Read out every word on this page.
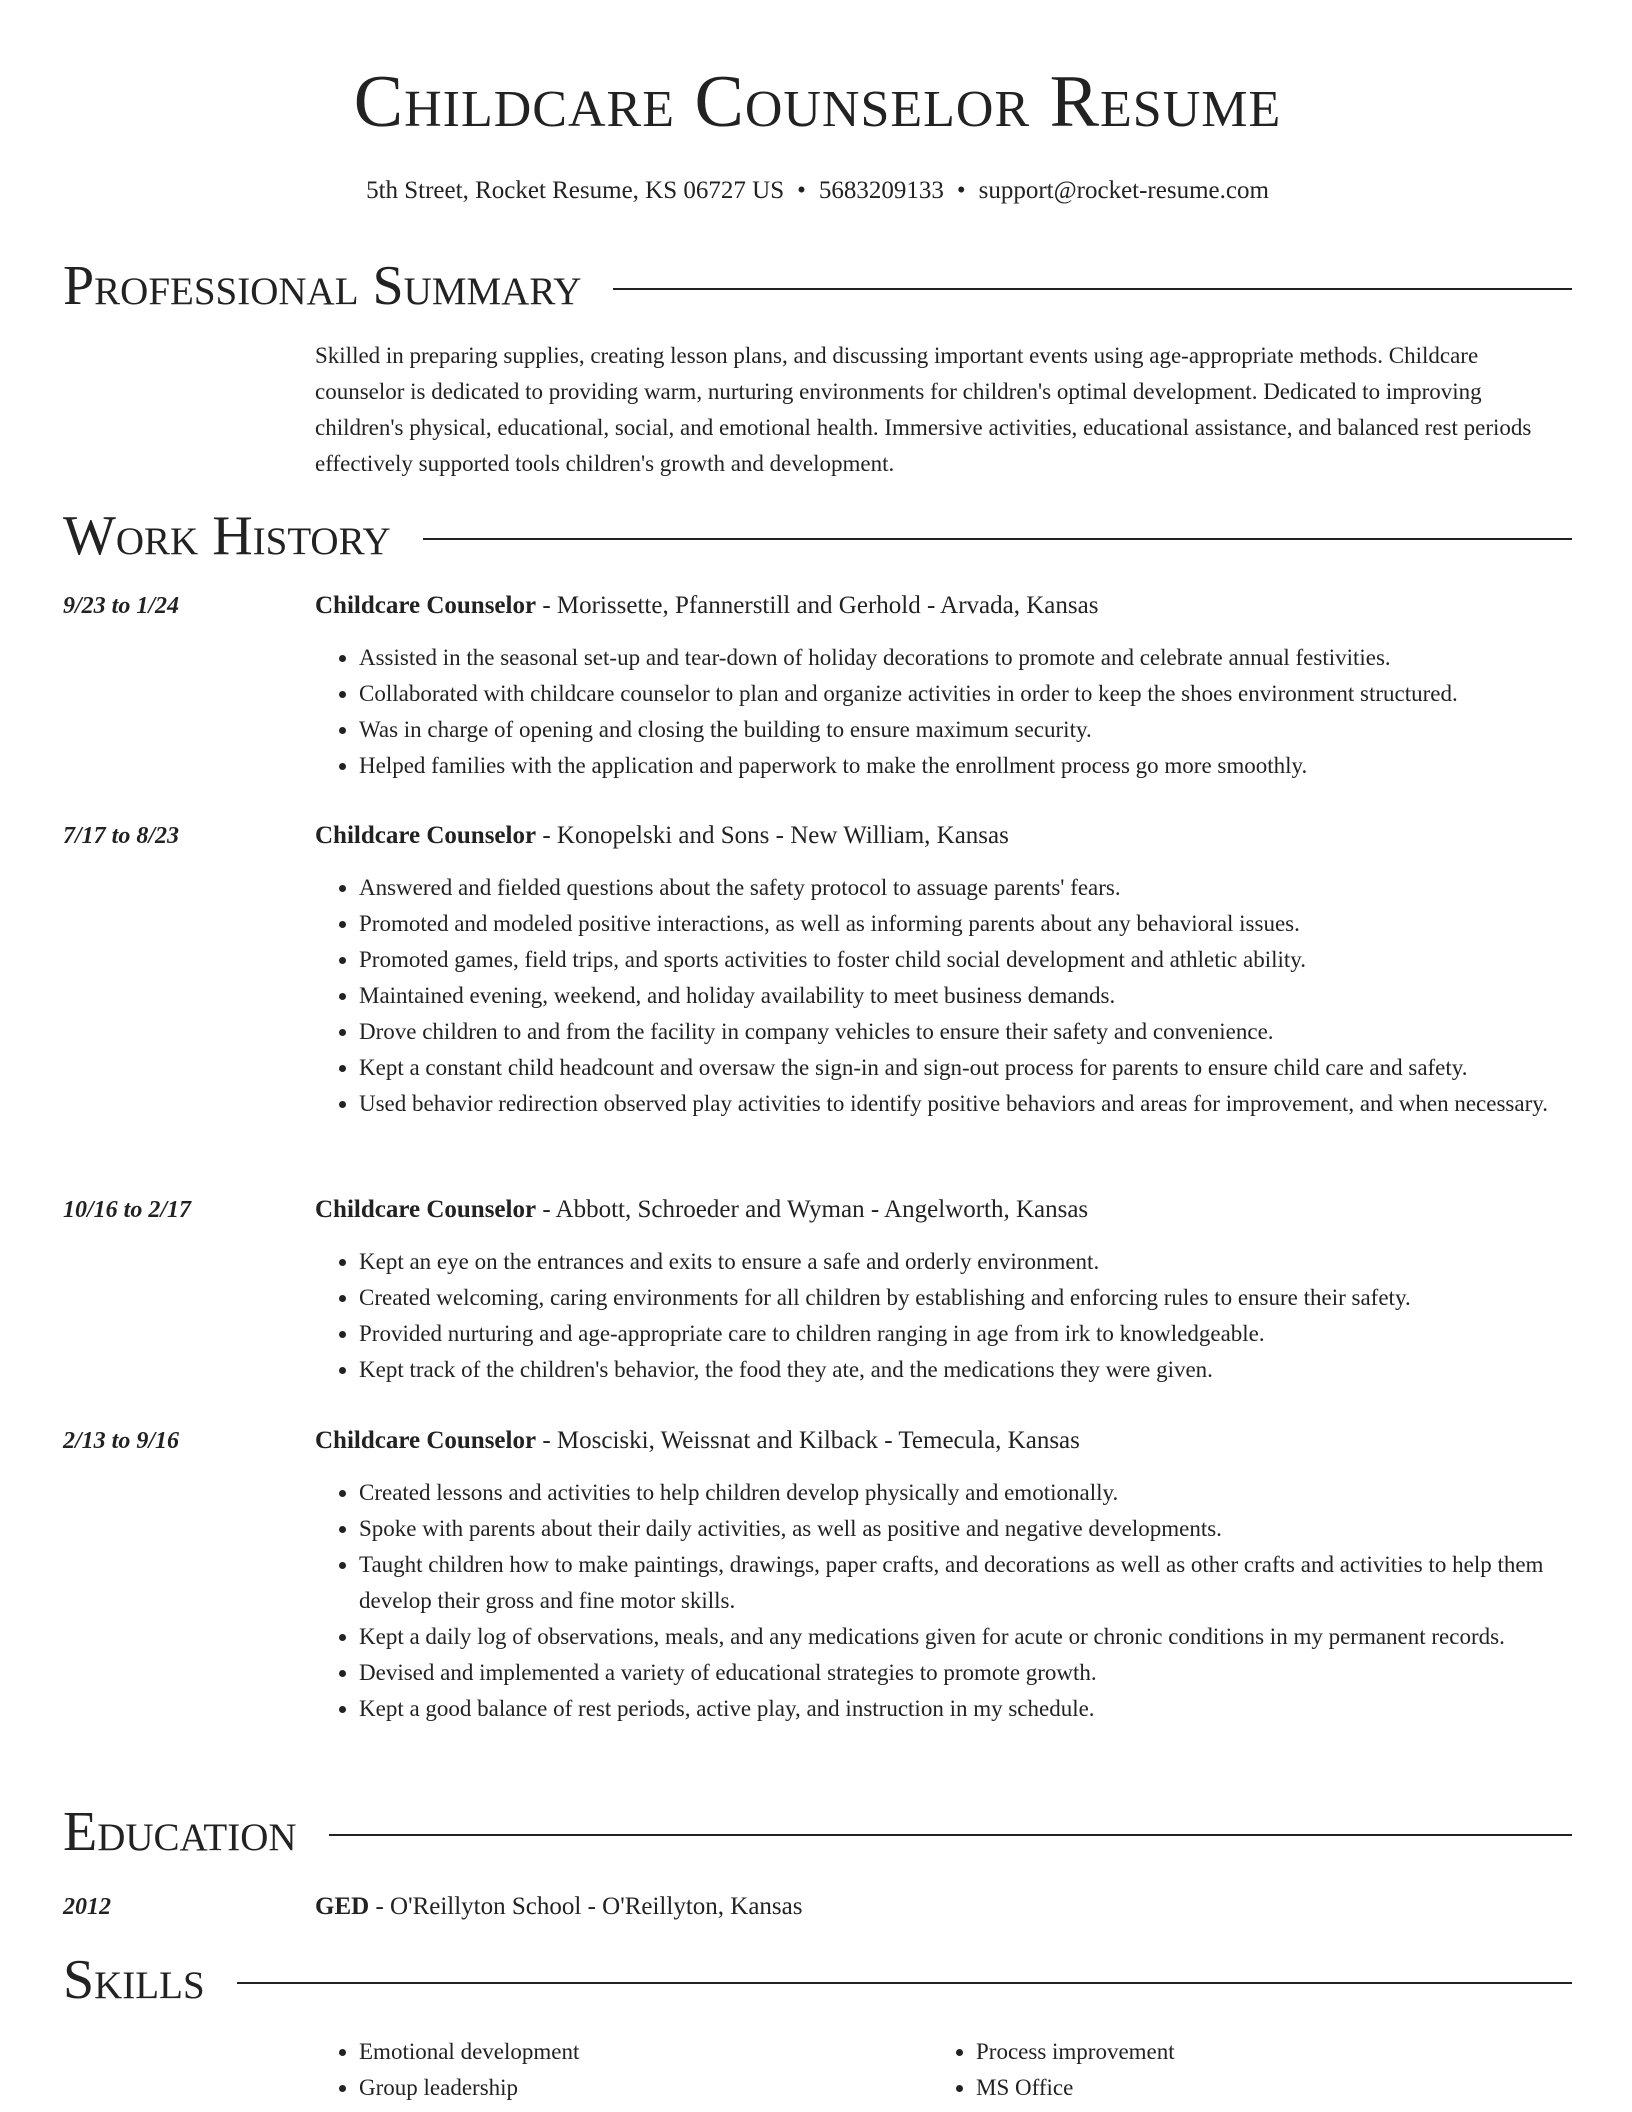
Childcare Counselor Resume
5th Street, Rocket Resume, KS 06727 US • 5683209133 • support@rocket-resume.com
Professional Summary

Skilled in preparing supplies, creating lesson plans, and discussing important events using age-appropriate methods. Childcare counselor is dedicated to providing warm, nurturing environments for children's optimal development. Dedicated to improving children's physical, educational, social, and emotional health. Immersive activities, educational assistance, and balanced rest periods effectively supported tools children's growth and development.

Work History
9/23 to 1/24	Childcare Counselor - Morissette, Pfannerstill and Gerhold - Arvada, Kansas
• Assisted in the seasonal set-up and tear-down of holiday decorations to promote and celebrate annual festivities.
• Collaborated with childcare counselor to plan and organize activities in order to keep the shoes environment structured.
• Was in charge of opening and closing the building to ensure maximum security.
• Helped families with the application and paperwork to make the enrollment process go more smoothly.
7/17 to 8/23	Childcare Counselor - Konopelski and Sons - New William, Kansas
• Answered and fielded questions about the safety protocol to assuage parents' fears.
• Promoted and modeled positive interactions, as well as informing parents about any behavioral issues.
• Promoted games, field trips, and sports activities to foster child social development and athletic ability.
• Maintained evening, weekend, and holiday availability to meet business demands.
• Drove children to and from the facility in company vehicles to ensure their safety and convenience.
• Kept a constant child headcount and oversaw the sign-in and sign-out process for parents to ensure child care and safety.
• Used behavior redirection observed play activities to identify positive behaviors and areas for improvement, and when necessary.
10/16 to 2/17	Childcare Counselor - Abbott, Schroeder and Wyman - Angelworth, Kansas
• Kept an eye on the entrances and exits to ensure a safe and orderly environment.
• Created welcoming, caring environments for all children by establishing and enforcing rules to ensure their safety.
• Provided nurturing and age-appropriate care to children ranging in age from irk to knowledgeable.
• Kept track of the children's behavior, the food they ate, and the medications they were given.
2/13 to 9/16	Childcare Counselor - Mosciski, Weissnat and Kilback - Temecula, Kansas
• Created lessons and activities to help children develop physically and emotionally.
• Spoke with parents about their daily activities, as well as positive and negative developments.
• Taught children how to make paintings, drawings, paper crafts, and decorations as well as other crafts and activities to help them develop their gross and fine motor skills.
• Kept a daily log of observations, meals, and any medications given for acute or chronic conditions in my permanent records.
• Devised and implemented a variety of educational strategies to promote growth.
• Kept a good balance of rest periods, active play, and instruction in my schedule.
Education
2012	GED - O'Reillyton School - O'Reillyton, Kansas
Skills
• Emotional development
• Group leadership
• Process improvement
• MS Office
